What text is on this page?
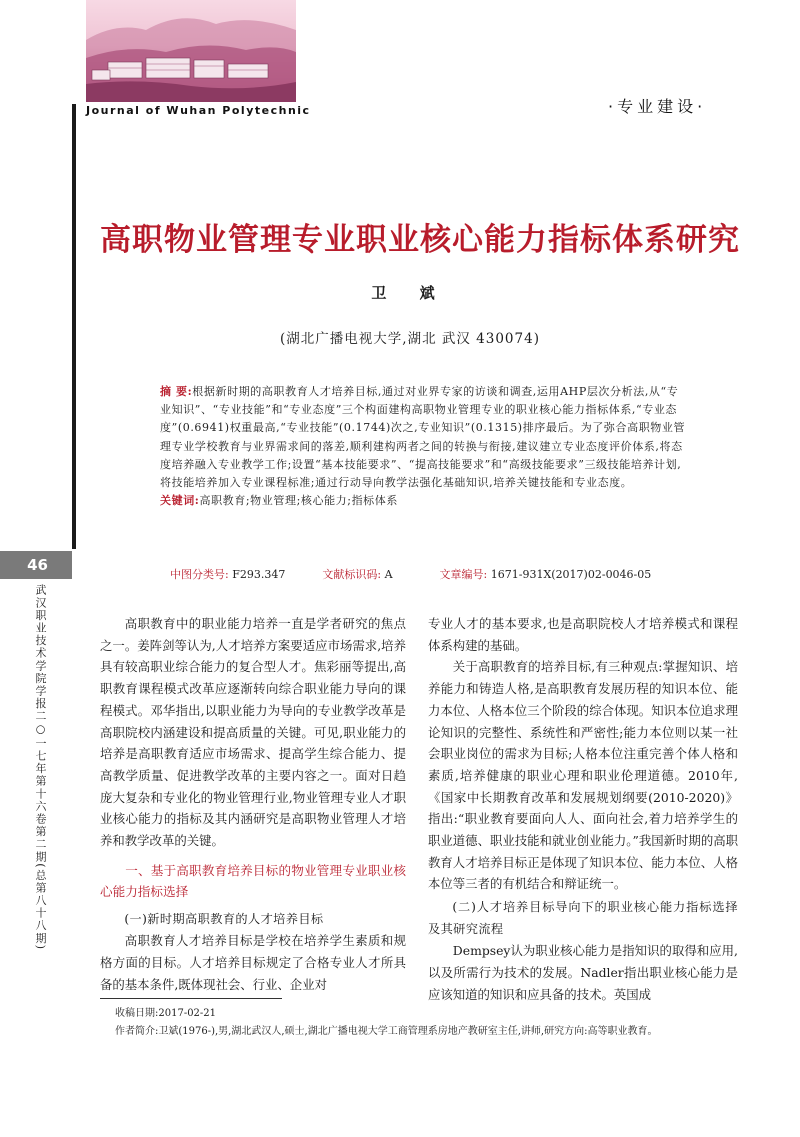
Journal of Wuhan Polytechnic	·专业建设·
46
武汉职业技术学院学报二○一七年第十六卷第二期(总第八十八期)
高职物业管理专业职业核心能力指标体系研究
卫 斌
(湖北广播电视大学,湖北 武汉 430074)
摘 要:根据新时期的高职教育人才培养目标,通过对业界专家的访谈和调查,运用AHP层次分析法,从“专业知识”、“专业技能”和“专业态度”三个构面建构高职物业管理专业的职业核心能力指标体系,“专业态度”(0.6941)权重最高,“专业技能”(0.1744)次之,专业知识”(0.1315)排序最后。为了弥合高职物业管理专业学校教育与业界需求间的落差,顺利建构两者之间的转换与衔接,建议建立专业态度评价体系,将态度培养融入专业教学工作;设置“基本技能要求”、“提高技能要求”和“高级技能要求”三级技能培养计划,将技能培养加入专业课程标准;通过行动导向教学法强化基础知识,培养关键技能和专业态度。
关键词:高职教育;物业管理;核心能力;指标体系
中图分类号: F293.347	文献标识码: A	文章编号: 1671-931X(2017)02-0046-05

高职教育中的职业能力培养一直是学者研究的焦点之一。姜阵剑等认为,人才培养方案要适应市场需求,培养具有较高职业综合能力的复合型人才。焦彩丽等提出,高职教育课程模式改革应逐渐转向综合职业能力导向的课程模式。邓华指出,以职业能力为导向的专业教学改革是高职院校内涵建设和提高质量的关键。可见,职业能力的培养是高职教育适应市场需求、提高学生综合能力、提高教学质量、促进教学改革的主要内容之一。面对日趋庞大复杂和专业化的物业管理行业,物业管理专业人才职业核心能力的指标及其内涵研究是高职物业管理人才培养和教学改革的关键。

一、基于高职教育培养目标的物业管理专业职业核心能力指标选择
(一)新时期高职教育的人才培养目标

高职教育人才培养目标是学校在培养学生素质和规格方面的目标。人才培养目标规定了合格专业人才所具备的基本条件,既体现社会、行业、企业对

专业人才的基本要求,也是高职院校人才培养模式和课程体系构建的基础。

关于高职教育的培养目标,有三种观点:掌握知识、培养能力和铸造人格,是高职教育发展历程的知识本位、能力本位、人格本位三个阶段的综合体现。知识本位追求理论知识的完整性、系统性和严密性;能力本位则以某一社会职业岗位的需求为目标;人格本位注重完善个体人格和素质,培养健康的职业心理和职业伦理道德。2010年,《国家中长期教育改革和发展规划纲要(2010-2020)》指出:“职业教育要面向人人、面向社会,着力培养学生的职业道德、职业技能和就业创业能力。”我国新时期的高职教育人才培养目标正是体现了知识本位、能力本位、人格本位等三者的有机结合和辩证统一。

(二)人才培养目标导向下的职业核心能力指标选择及其研究流程

Dempsey认为职业核心能力是指知识的取得和应用,以及所需行为技术的发展。Nadler指出职业核心能力是应该知道的知识和应具备的技术。英国成

收稿日期:2017-02-21
作者简介:卫斌(1976-),男,湖北武汉人,硕士,湖北广播电视大学工商管理系房地产教研室主任,讲师,研究方向:高等职业教育。
